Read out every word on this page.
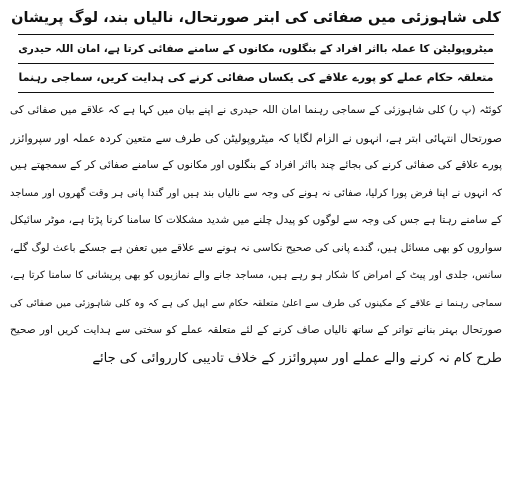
کلی شاہوزئی میں صفائی کی ابتر صورتحال، نالیاں بند، لوگ پریشان
میٹروپولیٹن کا عملہ بااثر افراد کے بنگلوں، مکانوں کے سامنے صفائی کرتا ہے، امان اللہ حیدری
متعلقہ حکام عملے کو پورے علاقے کی یکساں صفائی کرنے کی ہدایت کریں، سماجی رہنما

کوئٹہ (پ ر) کلی شاہوزئی کے سماجی رہنما امان اللہ حیدری نے اپنے بیان میں کہا ہے کہ علاقے میں صفائی کی

صورتحال انتہائی ابتر ہے، انہوں نے الزام لگایا کہ میٹروپولیٹن کی طرف سے متعین کردہ عملہ اور سپروائزر

پورے علاقے کی صفائی کرنے کی بجائے چند بااثر افراد کے بنگلوں اور مکانوں کے سامنے صفائی کر کے سمجھتے ہیں

کہ انہوں نے اپنا فرض پورا کرلیا، صفائی نہ ہونے کی وجہ سے نالیاں بند ہیں اور گندا پانی ہر وقت گھروں اور مساجد

کے سامنے رہتا ہے جس کی وجہ سے لوگوں کو پیدل چلنے میں شدید مشکلات کا سامنا کرنا پڑتا ہے، موٹر سائیکل

سواروں کو بھی مسائل ہیں، گندے پانی کی صحیح نکاسی نہ ہونے سے علاقے میں تعفن ہے جسکے باعث لوگ گلے،

سانس، جلدی اور پیٹ کے امراض کا شکار ہو رہے ہیں، مساجد جانے والے نمازیوں کو بھی پریشانی کا سامنا کرتا ہے،

سماجی رہنما نے علاقے کے مکینوں کی طرف سے اعلیٰ متعلقہ حکام سے اپیل کی ہے کہ وہ کلی شاہوزئی میں صفائی کی

صورتحال بہتر بنانے تواتر کے ساتھ نالیاں صاف کرنے کے لئے متعلقہ عملے کو سختی سے ہدایت کریں اور صحیح

طرح کام نہ کرنے والے عملے اور سپروائزر کے خلاف تادیبی کارروائی کی جائے
